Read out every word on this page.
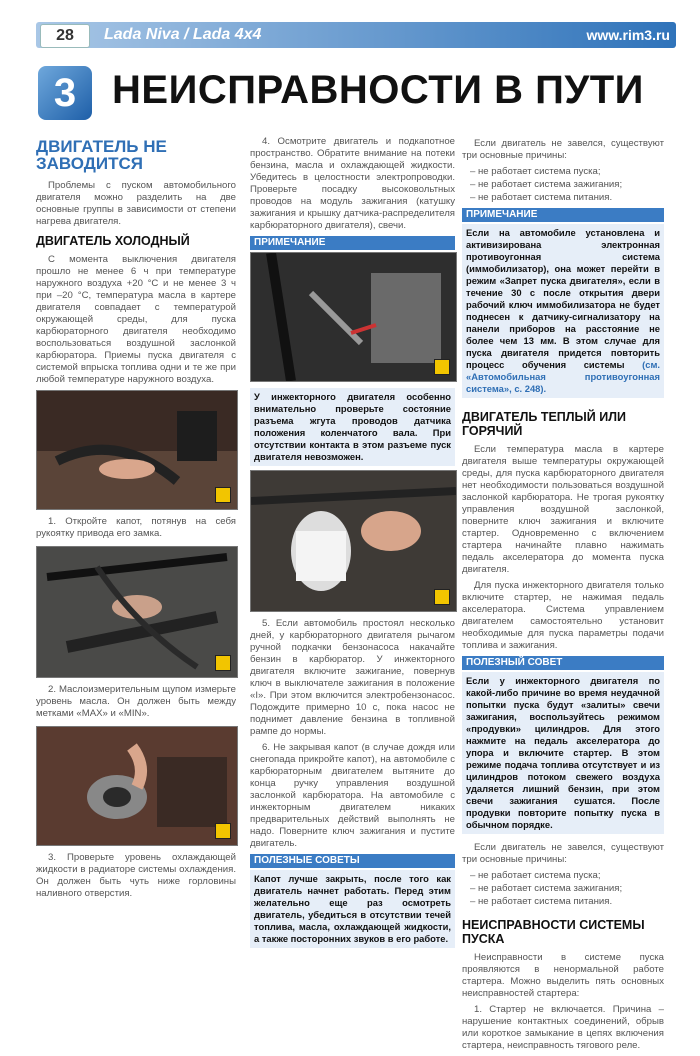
28	Lada Niva / Lada 4x4	www.rim3.ru
3 НЕИСПРАВНОСТИ В ПУТИ
ДВИГАТЕЛЬ НЕ ЗАВОДИТСЯ

Проблемы с пуском автомобильного двигателя можно разделить на две основные группы в зависимости от степени нагрева двигателя.

ДВИГАТЕЛЬ ХОЛОДНЫЙ

С момента выключения двигателя прошло не менее 6 ч при температуре наружного воздуха +20 °С и не менее 3 ч при –20 °С, температура масла в картере двигателя совпадает с температурой окружающей среды, для пуска карбюраторного двигателя необходимо воспользоваться воздушной заслонкой карбюратора. Приемы пуска двигателя с системой впрыска топлива одни и те же при любой температуре наружного воздуха.

1. Откройте капот, потянув на себя рукоятку привода его замка.

2. Маслоизмерительным щупом измерьте уровень масла. Он должен быть между метками «MAX» и «MIN».

3. Проверьте уровень охлаждающей жидкости в радиаторе системы охлаждения. Он должен быть чуть ниже горловины наливного отверстия.

4. Осмотрите двигатель и подкапотное пространство. Обратите внимание на потеки бензина, масла и охлаждающей жидкости. Убедитесь в целостности электропроводки. Проверьте посадку высоковольтных проводов на модуль зажигания (катушку зажигания и крышку датчика-распределителя карбюраторного двигателя), свечи.

ПРИМЕЧАНИЕ
У инжекторного двигателя особенно внимательно проверьте состояние разъема жгута проводов датчика положения коленчатого вала. При отсутствии контакта в этом разъеме пуск двигателя невозможен.

5. Если автомобиль простоял несколько дней, у карбюраторного двигателя рычагом ручной подкачки бензонасоса накачайте бензин в карбюратор. У инжекторного двигателя включите зажигание, повернув ключ в выключателе зажигания в положение «I». При этом включится электробензонасос. Подождите примерно 10 с, пока насос не поднимет давление бензина в топливной рампе до нормы.

6. Не закрывая капот (в случае дождя или снегопада прикройте капот), на автомобиле с карбюраторным двигателем вытяните до конца ручку управления воздушной заслонкой карбюратора. На автомобиле с инжекторным двигателем никаких предварительных действий выполнять не надо. Поверните ключ зажигания и пустите двигатель.

ПОЛЕЗНЫЕ СОВЕТЫ
Капот лучше закрыть, после того как двигатель начнет работать. Перед этим желательно еще раз осмотреть двигатель, убедиться в отсутствии течей топлива, масла, охлаждающей жидкости, а также посторонних звуков в его работе.

Если двигатель не завелся, существуют три основные причины:

– не работает система пуска;
– не работает система зажигания;
– не работает система питания.
ПРИМЕЧАНИЕ
Если на автомобиле установлена и активизирована электронная противоугонная система (иммобилизатор), она может перейти в режим «Запрет пуска двигателя», если в течение 30 с после открытия двери рабочий ключ иммобилизатора не будет поднесен к датчику-сигнализатору на панели приборов на расстояние не более чем 13 мм. В этом случае для пуска двигателя придется повторить процесс обучения системы (см. «Автомобильная противоугонная система», с. 248).
ДВИГАТЕЛЬ ТЕПЛЫЙ ИЛИ ГОРЯЧИЙ

Если температура масла в картере двигателя выше температуры окружающей среды, для пуска карбюраторного двигателя нет необходимости пользоваться воздушной заслонкой карбюратора. Не трогая рукоятку управления воздушной заслонкой, поверните ключ зажигания и включите стартер. Одновременно с включением стартера начинайте плавно нажимать педаль акселератора до момента пуска двигателя.

Для пуска инжекторного двигателя только включите стартер, не нажимая педаль акселератора. Система управлением двигателем самостоятельно установит необходимые для пуска параметры подачи топлива и зажигания.

ПОЛЕЗНЫЙ СОВЕТ
Если у инжекторного двигателя по какой-либо причине во время неудачной попытки пуска будут «залиты» свечи зажигания, воспользуйтесь режимом «продувки» цилиндров. Для этого нажмите на педаль акселератора до упора и включите стартер. В этом режиме подача топлива отсутствует и из цилиндров потоком свежего воздуха удаляется лишний бензин, при этом свечи зажигания сушатся. После продувки повторите попытку пуска в обычном порядке.

Если двигатель не завелся, существуют три основные причины:

– не работает система пуска;
– не работает система зажигания;
– не работает система питания.
НЕИСПРАВНОСТИ СИСТЕМЫ ПУСКА

Неисправности в системе пуска проявляются в ненормальной работе стартера. Можно выделить пять основных неисправностей стартера:

1. Стартер не включается. Причина – нарушение контактных соединений, обрыв или короткое замыкание в цепях включения стартера, неисправность тягового реле.
